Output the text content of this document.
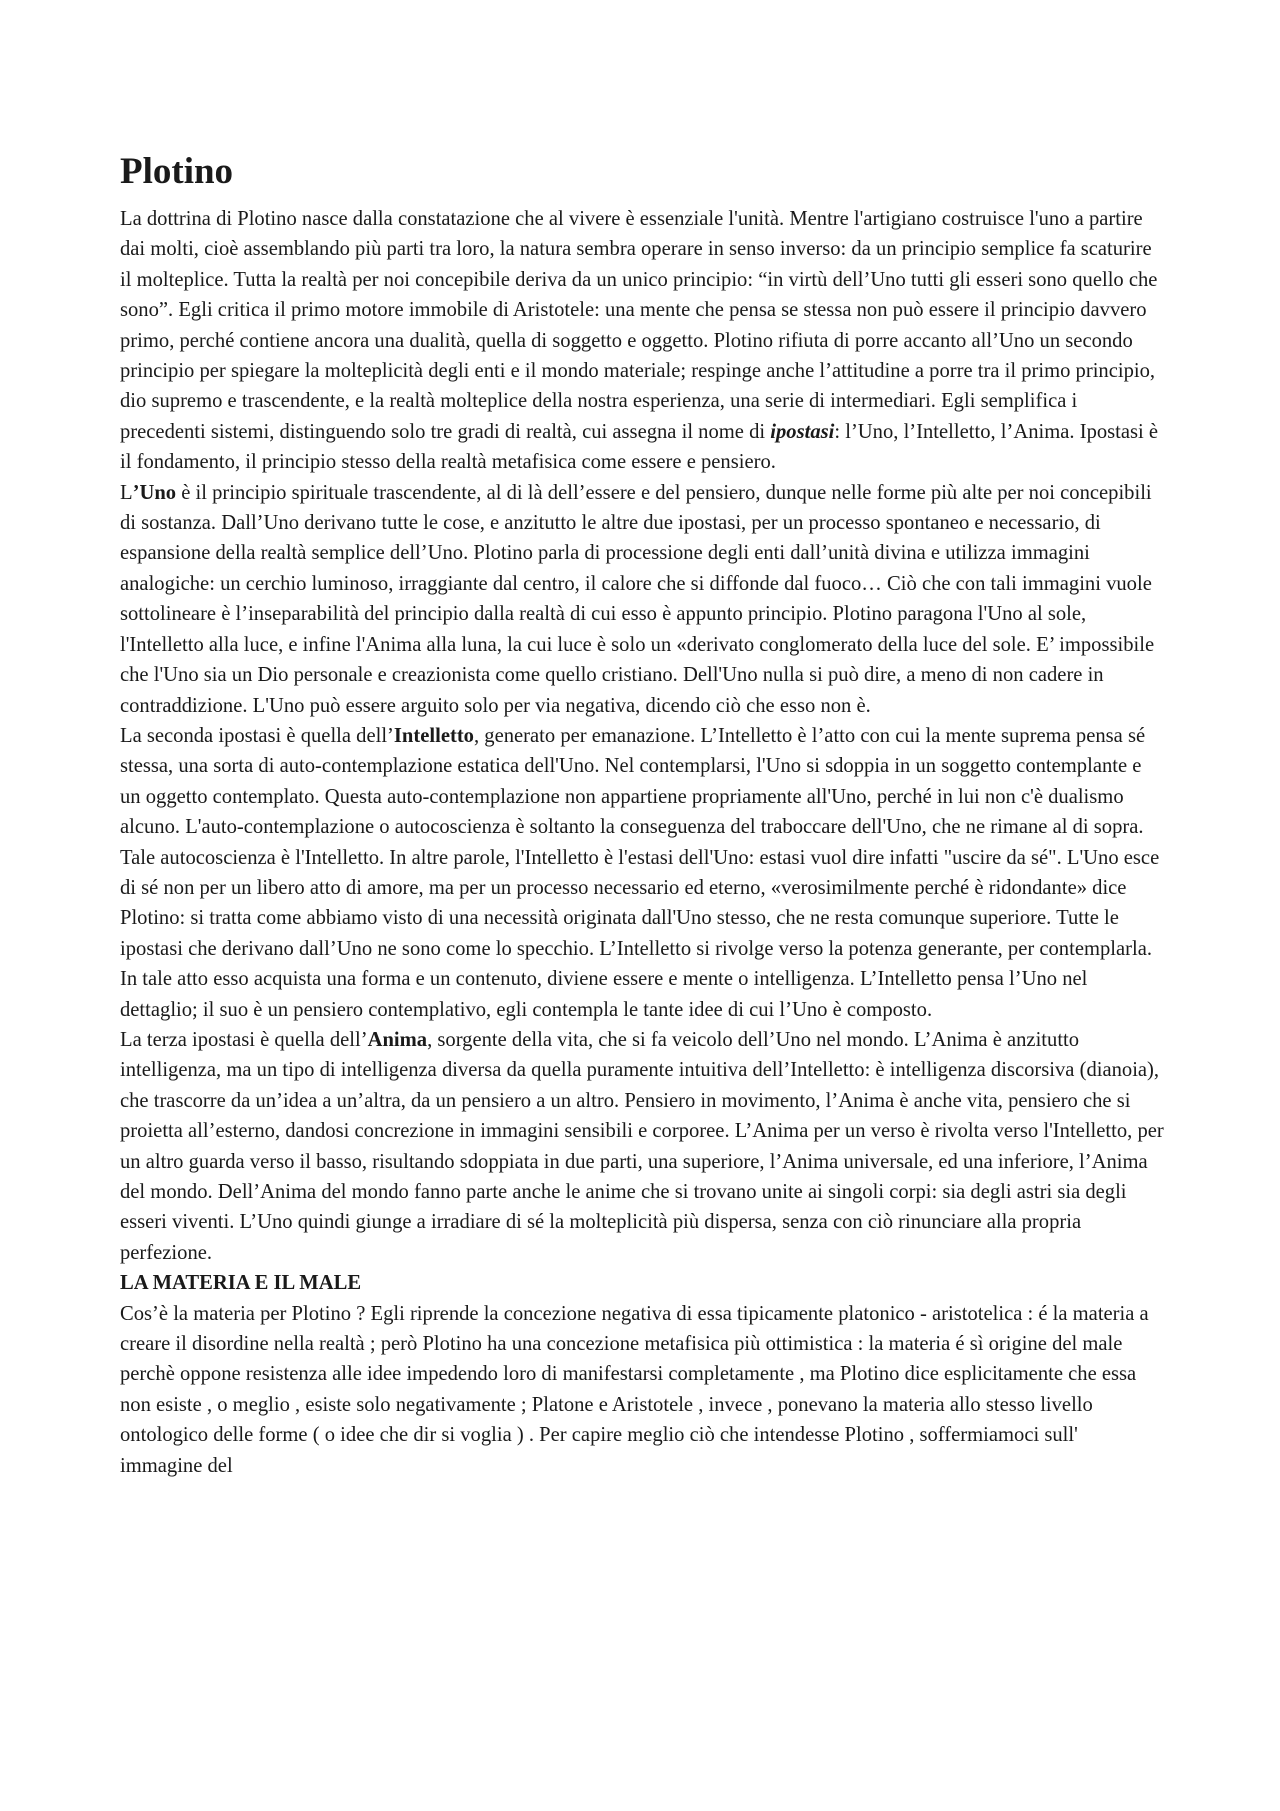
Plotino

La dottrina di Plotino nasce dalla constatazione che al vivere è essenziale l'unità. Mentre l'artigiano costruisce l'uno a partire dai molti, cioè assemblando più parti tra loro, la natura sembra operare in senso inverso: da un principio semplice fa scaturire il molteplice. Tutta la realtà per noi concepibile deriva da un unico principio: “in virtù dell’Uno tutti gli esseri sono quello che sono”. Egli critica il primo motore immobile di Aristotele: una mente che pensa se stessa non può essere il principio davvero primo, perché contiene ancora una dualità, quella di soggetto e oggetto. Plotino rifiuta di porre accanto all’Uno un secondo principio per spiegare la molteplicità degli enti e il mondo materiale; respinge anche l’attitudine a porre tra il primo principio, dio supremo e trascendente, e la realtà molteplice della nostra esperienza, una serie di intermediari. Egli semplifica i precedenti sistemi, distinguendo solo tre gradi di realtà, cui assegna il nome di ipostasi: l’Uno, l’Intelletto, l’Anima. Ipostasi è il fondamento, il principio stesso della realtà metafisica come essere e pensiero.

L’Uno è il principio spirituale trascendente, al di là dell’essere e del pensiero, dunque nelle forme più alte per noi concepibili di sostanza. Dall’Uno derivano tutte le cose, e anzitutto le altre due ipostasi, per un processo spontaneo e necessario, di espansione della realtà semplice dell’Uno. Plotino parla di processione degli enti dall’unità divina e utilizza immagini analogiche: un cerchio luminoso, irraggiante dal centro, il calore che si diffonde dal fuoco… Ciò che con tali immagini vuole sottolineare è l’inseparabilità del principio dalla realtà di cui esso è appunto principio. Plotino paragona l'Uno al sole, l'Intelletto alla luce, e infine l'Anima alla luna, la cui luce è solo un «derivato conglomerato della luce del sole. E’ impossibile che l'Uno sia un Dio personale e creazionista come quello cristiano. Dell'Uno nulla si può dire, a meno di non cadere in contraddizione. L'Uno può essere arguito solo per via negativa, dicendo ciò che esso non è.

La seconda ipostasi è quella dell’Intelletto, generato per emanazione. L’Intelletto è l’atto con cui la mente suprema pensa sé stessa, una sorta di auto-contemplazione estatica dell'Uno. Nel contemplarsi, l'Uno si sdoppia in un soggetto contemplante e un oggetto contemplato. Questa auto-contemplazione non appartiene propriamente all'Uno, perché in lui non c'è dualismo alcuno. L'auto-contemplazione o autocoscienza è soltanto la conseguenza del traboccare dell'Uno, che ne rimane al di sopra. Tale autocoscienza è l'Intelletto. In altre parole, l'Intelletto è l'estasi dell'Uno: estasi vuol dire infatti "uscire da sé". L'Uno esce di sé non per un libero atto di amore, ma per un processo necessario ed eterno, «verosimilmente perché è ridondante» dice Plotino: si tratta come abbiamo visto di una necessità originata dall'Uno stesso, che ne resta comunque superiore. Tutte le ipostasi che derivano dall’Uno ne sono come lo specchio. L’Intelletto si rivolge verso la potenza generante, per contemplarla. In tale atto esso acquista una forma e un contenuto, diviene essere e mente o intelligenza. L’Intelletto pensa l’Uno nel dettaglio; il suo è un pensiero contemplativo, egli contempla le tante idee di cui l’Uno è composto.

La terza ipostasi è quella dell’Anima, sorgente della vita, che si fa veicolo dell’Uno nel mondo. L’Anima è anzitutto intelligenza, ma un tipo di intelligenza diversa da quella puramente intuitiva dell’Intelletto: è intelligenza discorsiva (dianoia), che trascorre da un’idea a un’altra, da un pensiero a un altro. Pensiero in movimento, l’Anima è anche vita, pensiero che si proietta all’esterno, dandosi concrezione in immagini sensibili e corporee. L’Anima per un verso è rivolta verso l'Intelletto, per un altro guarda verso il basso, risultando sdoppiata in due parti, una superiore, l’Anima universale, ed una inferiore, l’Anima del mondo. Dell’Anima del mondo fanno parte anche le anime che si trovano unite ai singoli corpi: sia degli astri sia degli esseri viventi. L’Uno quindi giunge a irradiare di sé la molteplicità più dispersa, senza con ciò rinunciare alla propria perfezione.

LA MATERIA E IL MALE

Cos’è la materia per Plotino ? Egli riprende la concezione negativa di essa tipicamente platonico - aristotelica : é la materia a creare il disordine nella realtà ; però Plotino ha una concezione metafisica più ottimistica : la materia é sì origine del male perchè oppone resistenza alle idee impedendo loro di manifestarsi completamente , ma Plotino dice esplicitamente che essa non esiste , o meglio , esiste solo negativamente ; Platone e Aristotele , invece , ponevano la materia allo stesso livello ontologico delle forme ( o idee che dir si voglia ) . Per capire meglio ciò che intendesse Plotino , soffermiamoci sull' immagine del
